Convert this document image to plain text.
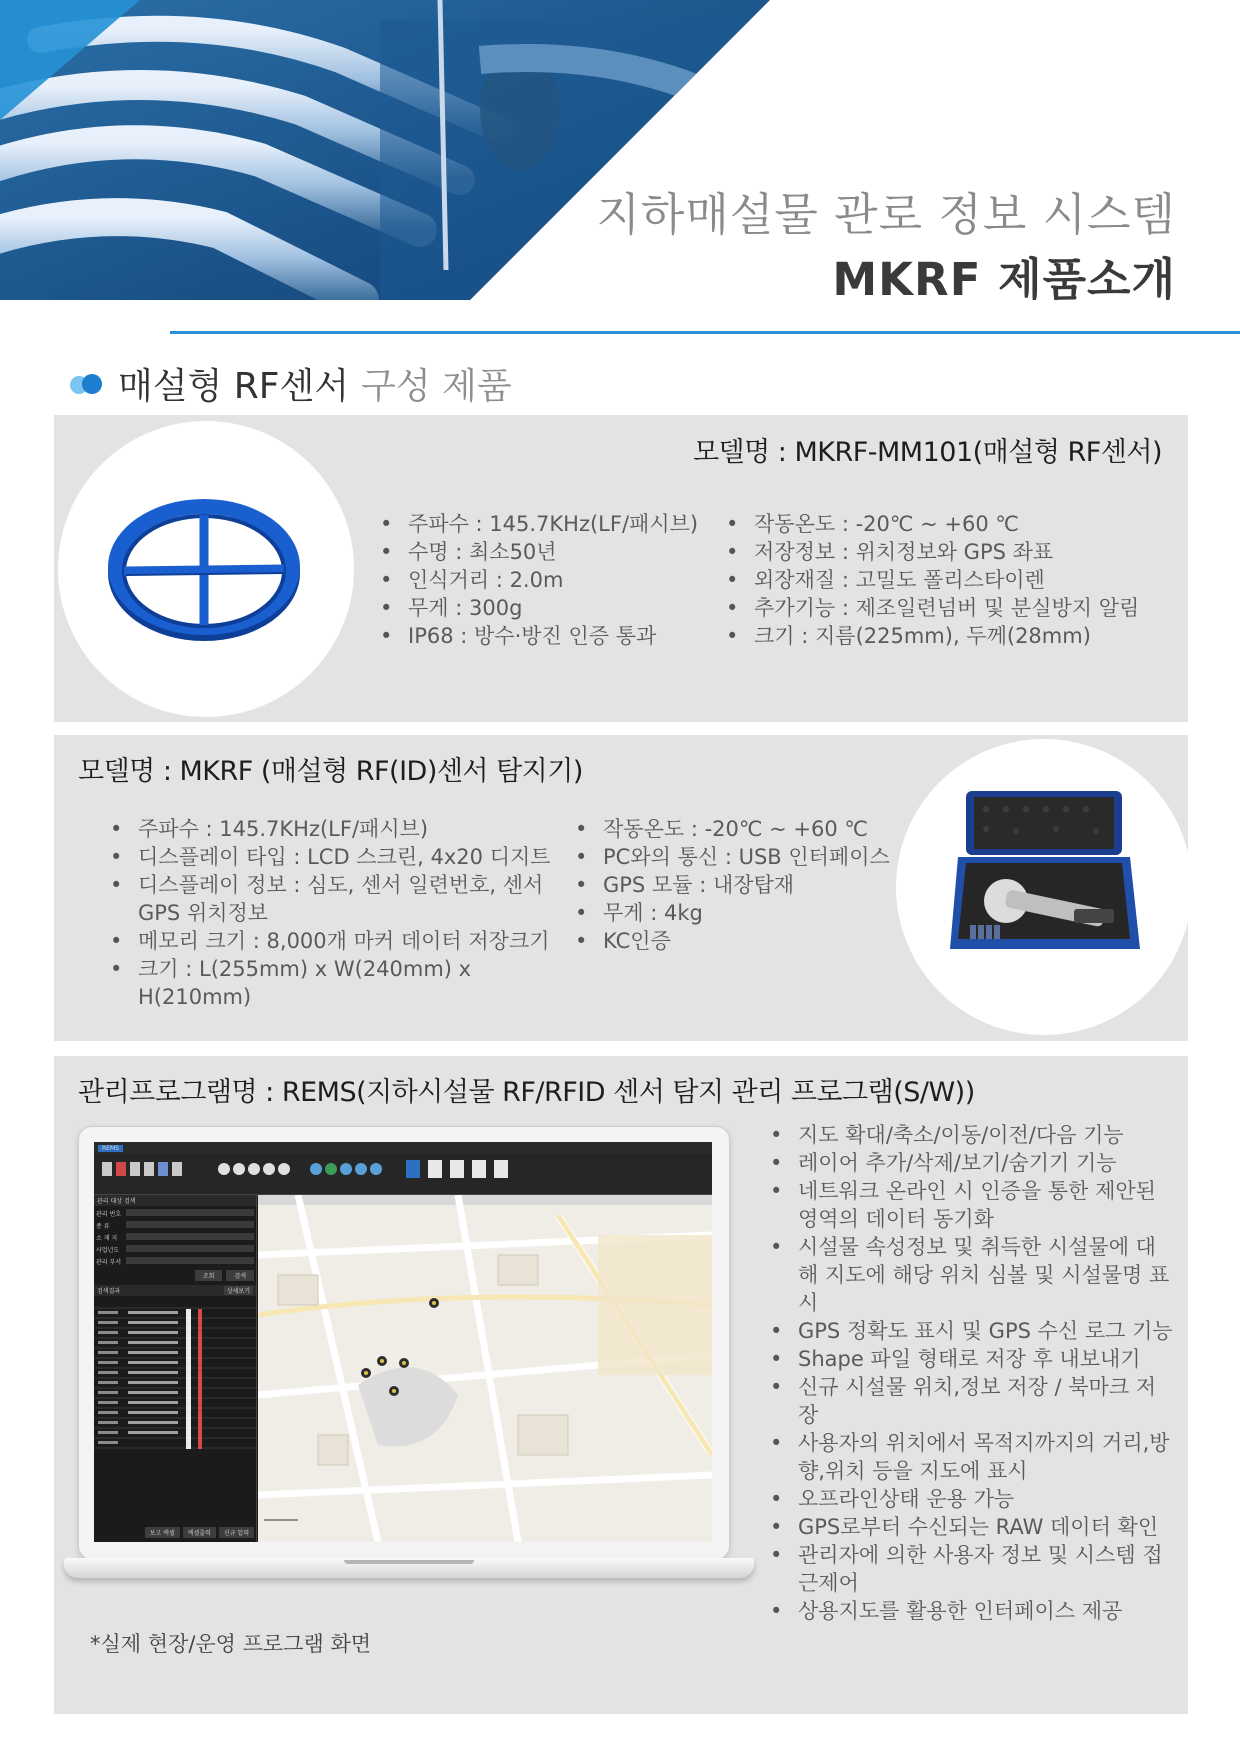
지하매설물 관로 정보 시스템
MKRF 제품소개
매설형 RF센서 구성 제품
모델명 : MKRF-MM101(매설형 RF센서)
• 주파수 : 145.7KHz(LF/패시브)
• 수명 : 최소50년
• 인식거리 : 2.0m
• 무게 : 300g
• IP68 : 방수·방진 인증 통과
• 작동온도 : -20℃ ~ +60 ℃
• 저장정보 : 위치정보와 GPS 좌표
• 외장재질 : 고밀도 폴리스타이렌
• 추가기능 : 제조일련넘버 및 분실방지 알림
• 크기 : 지름(225mm), 두께(28mm)
모델명 : MKRF (매설형 RF(ID)센서 탐지기)
• 주파수 : 145.7KHz(LF/패시브)
• 디스플레이 타입 : LCD 스크린, 4x20 디지트
• 디스플레이 정보 : 심도, 센서 일련번호, 센서 GPS 위치정보
• 메모리 크기 : 8,000개 마커 데이터 저장크기
• 크기 : L(255mm) x W(240mm) x H(210mm)
• 작동온도 : -20℃ ~ +60 ℃
• PC와의 통신 : USB 인터페이스
• GPS 모듈 : 내장탑재
• 무게 : 4kg
• KC인증
관리프로그램명 : REMS(지하시설물 RF/RFID 센서 탐지 관리 프로그램(S/W))
REMS
관리 대상 검색
관리 번호
종 류
소 재 지
사업년도
관리 부서
조회	검색
검색결과	상세보기
보고 엑셀	엑셀출력	신규 입력
• 지도 확대/축소/이동/이전/다음 기능
• 레이어 추가/삭제/보기/숨기기 기능
• 네트워크 온라인 시 인증을 통한 제안된 영역의 데이터 동기화
• 시설물 속성정보 및 취득한 시설물에 대해 지도에 해당 위치 심볼 및 시설물명 표시
• GPS 정확도 표시 및 GPS 수신 로그 기능
• Shape 파일 형태로 저장 후 내보내기
• 신규 시설물 위치,정보 저장 / 북마크 저장
• 사용자의 위치에서 목적지까지의 거리,방향,위치 등을 지도에 표시
• 오프라인상태 운용 가능
• GPS로부터 수신되는 RAW 데이터 확인
• 관리자에 의한 사용자 정보 및 시스템 접근제어
• 상용지도를 활용한 인터페이스 제공
*실제 현장/운영 프로그램 화면
